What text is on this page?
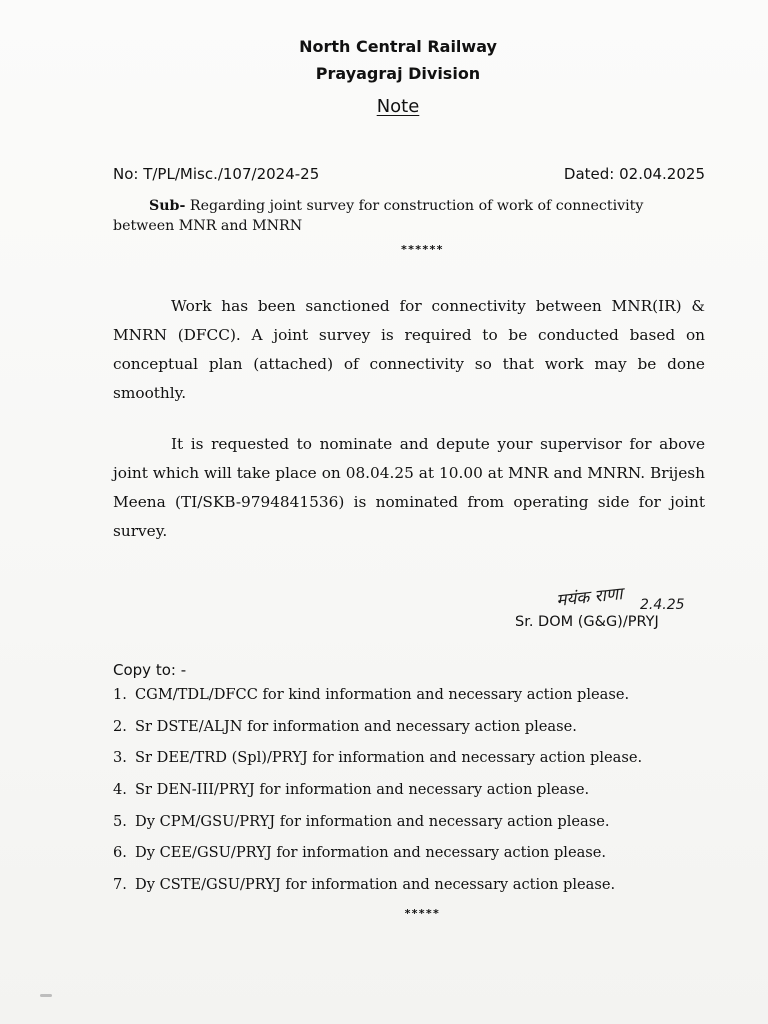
North Central Railway
Prayagraj Division
Note
No: T/PL/Misc./107/2024-25	Dated: 02.04.2025
Sub- Regarding joint survey for construction of work of connectivity between MNR and MNRN
******
Work has been sanctioned for connectivity between MNR(IR) & MNRN (DFCC). A joint survey is required to be conducted based on conceptual plan (attached) of connectivity so that work may be done smoothly.
It is requested to nominate and depute your supervisor for above joint which will take place on 08.04.25 at 10.00 at MNR and MNRN. Brijesh Meena (TI/SKB-9794841536) is nominated from operating side for joint survey.
मयंक राणा 2.4.25
Sr. DOM (G&G)/PRYJ
Copy to: -
1. CGM/TDL/DFCC for kind information and necessary action please.
2. Sr DSTE/ALJN for information and necessary action please.
3. Sr DEE/TRD (Spl)/PRYJ for information and necessary action please.
4. Sr DEN-III/PRYJ for information and necessary action please.
5. Dy CPM/GSU/PRYJ for information and necessary action please.
6. Dy CEE/GSU/PRYJ for information and necessary action please.
7. Dy CSTE/GSU/PRYJ for information and necessary action please.
*****
